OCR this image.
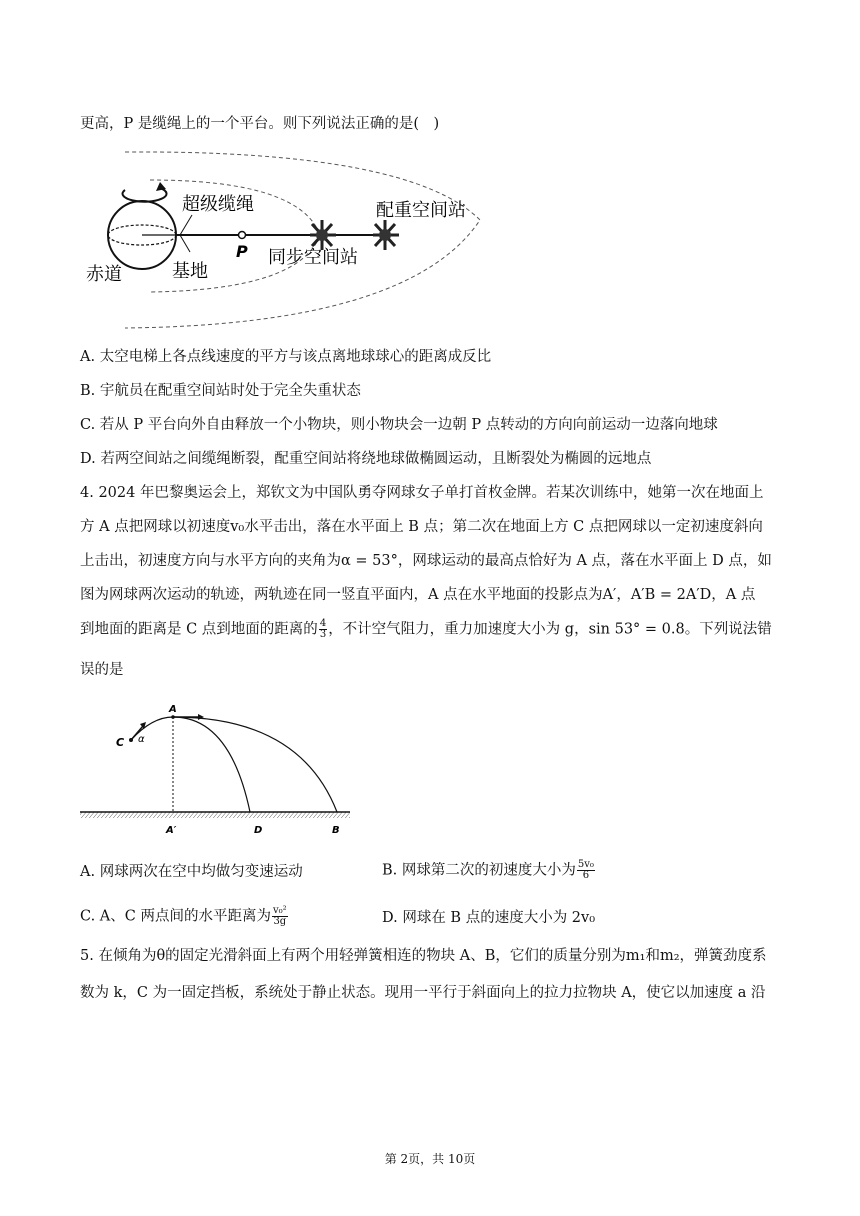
更高，P 是缆绳上的一个平台。则下列说法正确的是(　)
超级缆绳	配重空间站
P 同步空间站
赤道	基地
A. 太空电梯上各点线速度的平方与该点离地球球心的距离成反比
B. 宇航员在配重空间站时处于完全失重状态
C. 若从 P 平台向外自由释放一个小物块，则小物块会一边朝 P 点转动的方向向前运动一边落向地球
D. 若两空间站之间缆绳断裂，配重空间站将绕地球做椭圆运动，且断裂处为椭圆的远地点
4. 2024 年巴黎奥运会上，郑钦文为中国队勇夺网球女子单打首枚金牌。若某次训练中，她第一次在地面上
方 A 点把网球以初速度v₀水平击出，落在水平面上 B 点；第二次在地面上方 C 点把网球以一定初速度斜向
上击出，初速度方向与水平方向的夹角为α = 53°，网球运动的最高点恰好为 A 点，落在水平面上 D 点，如
图为网球两次运动的轨迹，两轨迹在同一竖直平面内，A 点在水平地面的投影点为A′，A′B = 2A′D，A 点
到地面的距离是 C 点到地面的距离的 $\frac{4}{3}$ ，不计空气阻力，重力加速度大小为 g，sin 53° = 0.8。下列说法错
误的是
A
C α
A′	D	B
A. 网球两次在空中均做匀变速运动	B. 网球第二次的初速度大小为 $\frac{\text{5v₀}}{6}$
C. A、C 两点间的水平距离为 $\frac{\text{v₀²}}{3g}$	D. 网球在 B 点的速度大小为 2v₀
5. 在倾角为θ的固定光滑斜面上有两个用轻弹簧相连的物块 A、B，它们的质量分别为m₁和m₂，弹簧劲度系
数为 k，C 为一固定挡板，系统处于静止状态。现用一平行于斜面向上的拉力拉物块 A，使它以加速度 a 沿
第 2页，共 10页
